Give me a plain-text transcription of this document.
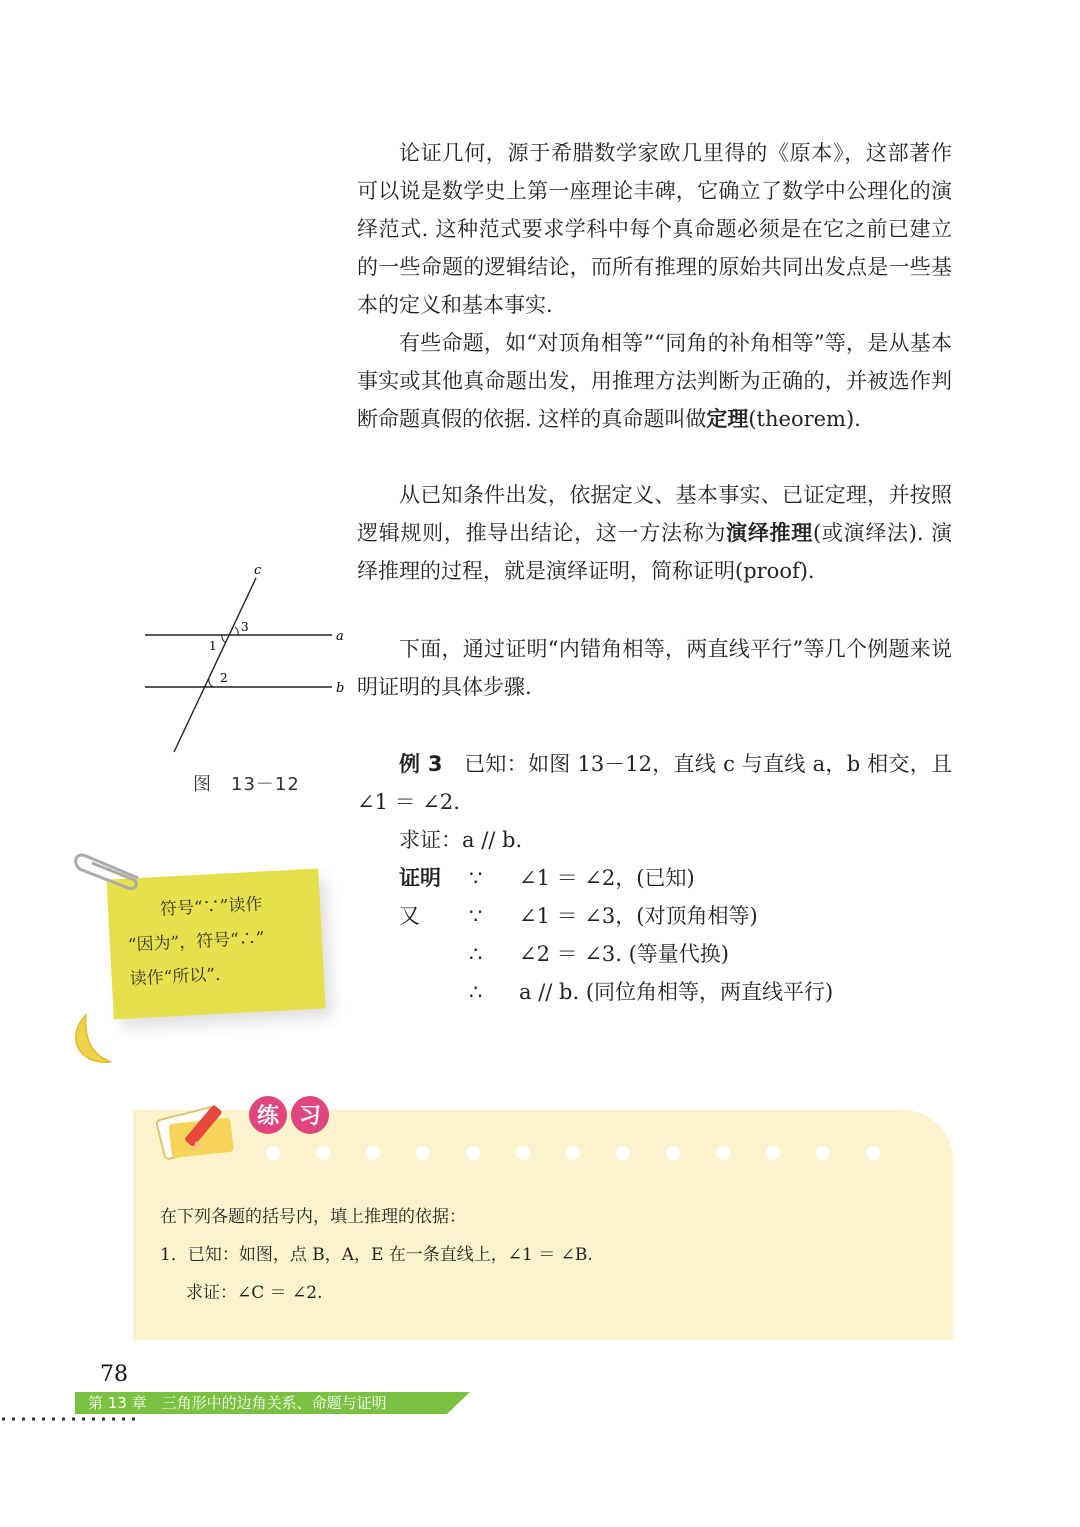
论证几何，源于希腊数学家欧几里得的《原本》，这部著作可以说是数学史上第一座理论丰碑，它确立了数学中公理化的演绎范式. 这种范式要求学科中每个真命题必须是在它之前已建立的一些命题的逻辑结论，而所有推理的原始共同出发点是一些基本的定义和基本事实.

有些命题，如“对顶角相等”“同角的补角相等”等，是从基本事实或其他真命题出发，用推理方法判断为正确的，并被选作判断命题真假的依据. 这样的真命题叫做定理(theorem).

从已知条件出发，依据定义、基本事实、已证定理，并按照逻辑规则，推导出结论，这一方法称为演绎推理(或演绎法). 演绎推理的过程，就是演绎证明，简称证明(proof).

下面，通过证明“内错角相等，两直线平行”等几个例题来说明证明的具体步骤.

例 3　 已知：如图 13－12，直线 c 与直线 a，b 相交，且∠1 ＝ ∠2.

求证：a // b.
证明 ∵ ∠1 ＝ ∠2，(已知)
又 ∵ ∠1 ＝ ∠3，(对顶角相等)
∴ ∠2 ＝ ∠3. (等量代换)
∴ a // b. (同位角相等，两直线平行)
c
a
b
1
3
2
图　13－12
符号“∵”读作
“因为”，符号“∴”
读作“所以”.
练 习
在下列各题的括号内，填上推理的依据：
1．已知：如图，点 B，A，E 在一条直线上，∠1 ＝ ∠B.
求证：∠C ＝ ∠2.
78
第 13 章　三角形中的边角关系、命题与证明
